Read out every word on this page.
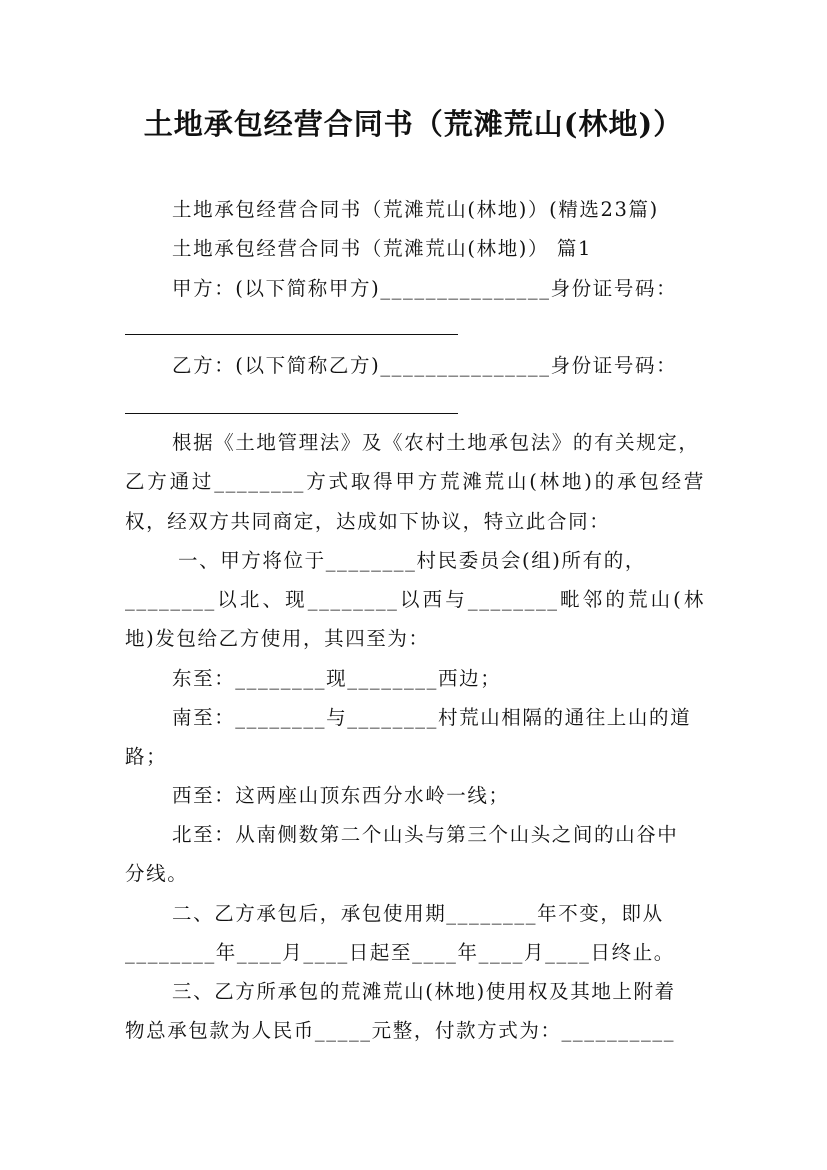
土地承包经营合同书（荒滩荒山(林地)）
土地承包经营合同书（荒滩荒山(林地)）(精选23篇)
土地承包经营合同书（荒滩荒山(林地)） 篇1
甲方：(以下简称甲方)_______________身份证号码：
乙方：(以下简称乙方)_______________身份证号码：
根据《土地管理法》及《农村土地承包法》的有关规定，
乙方通过________方式取得甲方荒滩荒山(林地)的承包经营
权，经双方共同商定，达成如下协议，特立此合同：
一、甲方将位于________村民委员会(组)所有的，
________以北、现________以西与________毗邻的荒山(林
地)发包给乙方使用，其四至为：
东至：________现________西边；
南至：________与________村荒山相隔的通往上山的道
路；
西至：这两座山顶东西分水岭一线；
北至：从南侧数第二个山头与第三个山头之间的山谷中
分线。
二、乙方承包后，承包使用期________年不变，即从
________年____月____日起至____年____月____日终止。
三、乙方所承包的荒滩荒山(林地)使用权及其地上附着
物总承包款为人民币_____元整，付款方式为：__________
